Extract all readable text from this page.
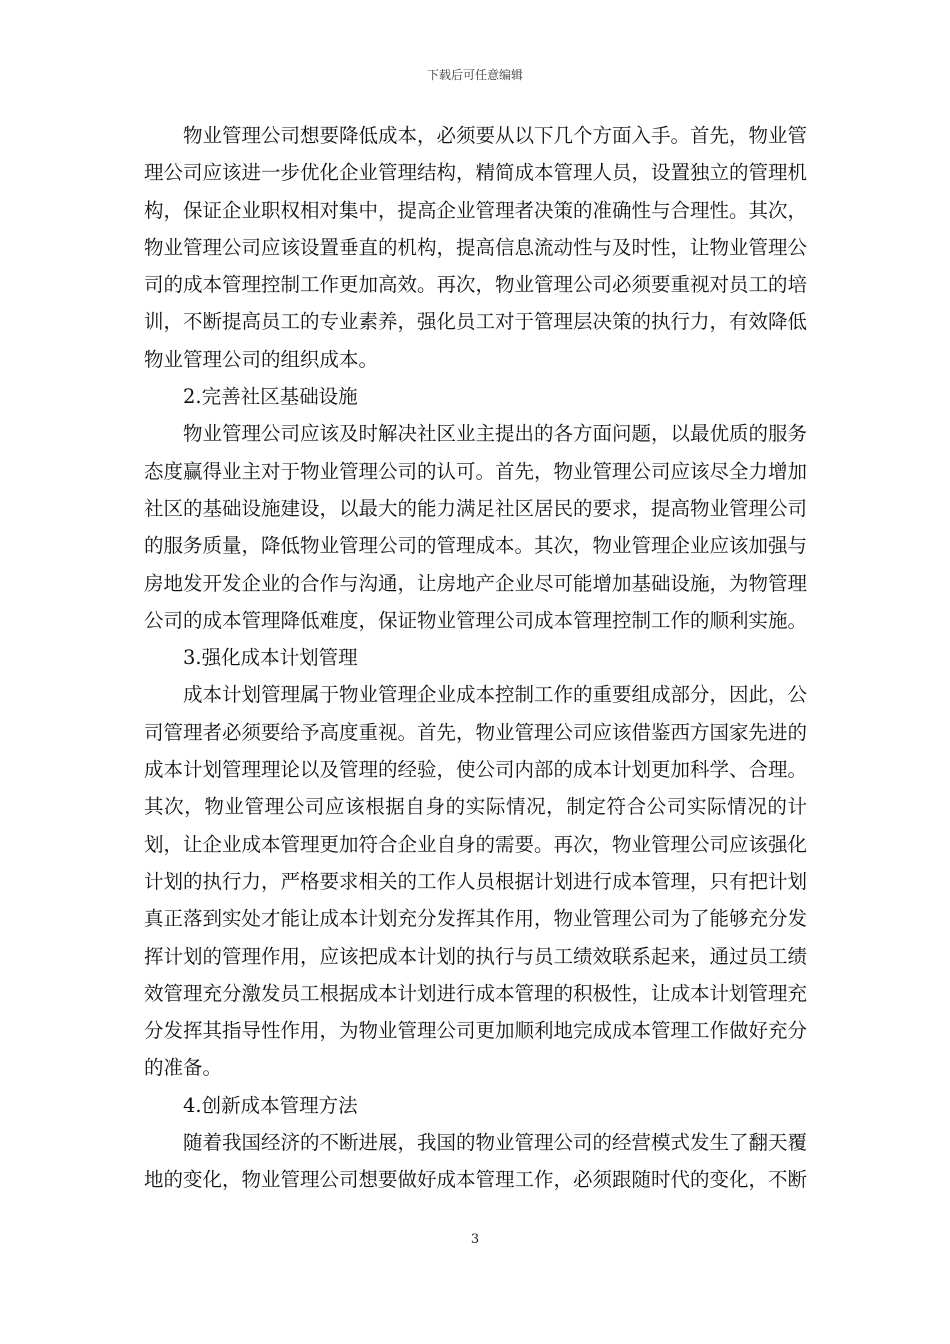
下载后可任意编辑

物业管理公司想要降低成本，必须要从以下几个方面入手。首先，物业管理公司应该进一步优化企业管理结构，精简成本管理人员，设置独立的管理机构，保证企业职权相对集中，提高企业管理者决策的准确性与合理性。其次，物业管理公司应该设置垂直的机构，提高信息流动性与及时性，让物业管理公司的成本管理控制工作更加高效。再次，物业管理公司必须要重视对员工的培训，不断提高员工的专业素养，强化员工对于管理层决策的执行力，有效降低物业管理公司的组织成本。

2.完善社区基础设施

物业管理公司应该及时解决社区业主提出的各方面问题，以最优质的服务态度赢得业主对于物业管理公司的认可。首先，物业管理公司应该尽全力增加社区的基础设施建设，以最大的能力满足社区居民的要求，提高物业管理公司的服务质量，降低物业管理公司的管理成本。其次，物业管理企业应该加强与房地发开发企业的合作与沟通，让房地产企业尽可能增加基础设施，为物管理公司的成本管理降低难度，保证物业管理公司成本管理控制工作的顺利实施。

3.强化成本计划管理

成本计划管理属于物业管理企业成本控制工作的重要组成部分，因此，公司管理者必须要给予高度重视。首先，物业管理公司应该借鉴西方国家先进的成本计划管理理论以及管理的经验，使公司内部的成本计划更加科学、合理。其次，物业管理公司应该根据自身的实际情况，制定符合公司实际情况的计划，让企业成本管理更加符合企业自身的需要。再次，物业管理公司应该强化计划的执行力，严格要求相关的工作人员根据计划进行成本管理，只有把计划真正落到实处才能让成本计划充分发挥其作用，物业管理公司为了能够充分发挥计划的管理作用，应该把成本计划的执行与员工绩效联系起来，通过员工绩效管理充分激发员工根据成本计划进行成本管理的积极性，让成本计划管理充分发挥其指导性作用，为物业管理公司更加顺利地完成成本管理工作做好充分的准备。

4.创新成本管理方法

随着我国经济的不断进展，我国的物业管理公司的经营模式发生了翻天覆地的变化，物业管理公司想要做好成本管理工作，必须跟随时代的变化，不断

3
